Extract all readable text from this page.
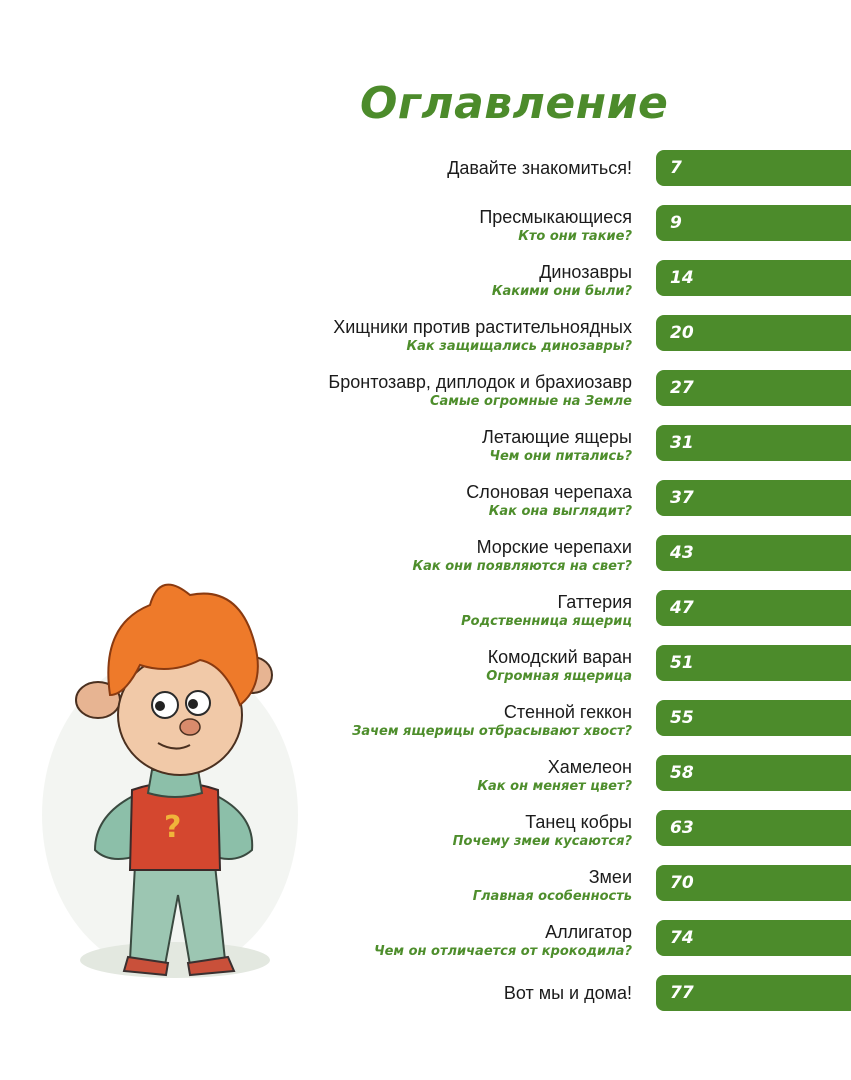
Оглавление
Давайте знакомиться!	7
Пресмыкающиеся
Кто они такие?
9
Динозавры
Какими они были?
14
Хищники против растительноядных
Как защищались динозавры?
20
Бронтозавр, диплодок и брахиозавр
Самые огромные на Земле
27
Летающие ящеры
Чем они питались?
31
Слоновая черепаха
Как она выглядит?
37
Морские черепахи
Как они появляются на свет?
43
Гаттерия
Родственница ящериц
47
Комодский варан
Огромная ящерица
51
Стенной геккон
Зачем ящерицы отбрасывают хвост?
55
Хамелеон
Как он меняет цвет?
58
Танец кобры
Почему змеи кусаются?
63
Змеи
Главная особенность
70
Аллигатор
Чем он отличается от крокодила?
74
Вот мы и дома!	77
?
